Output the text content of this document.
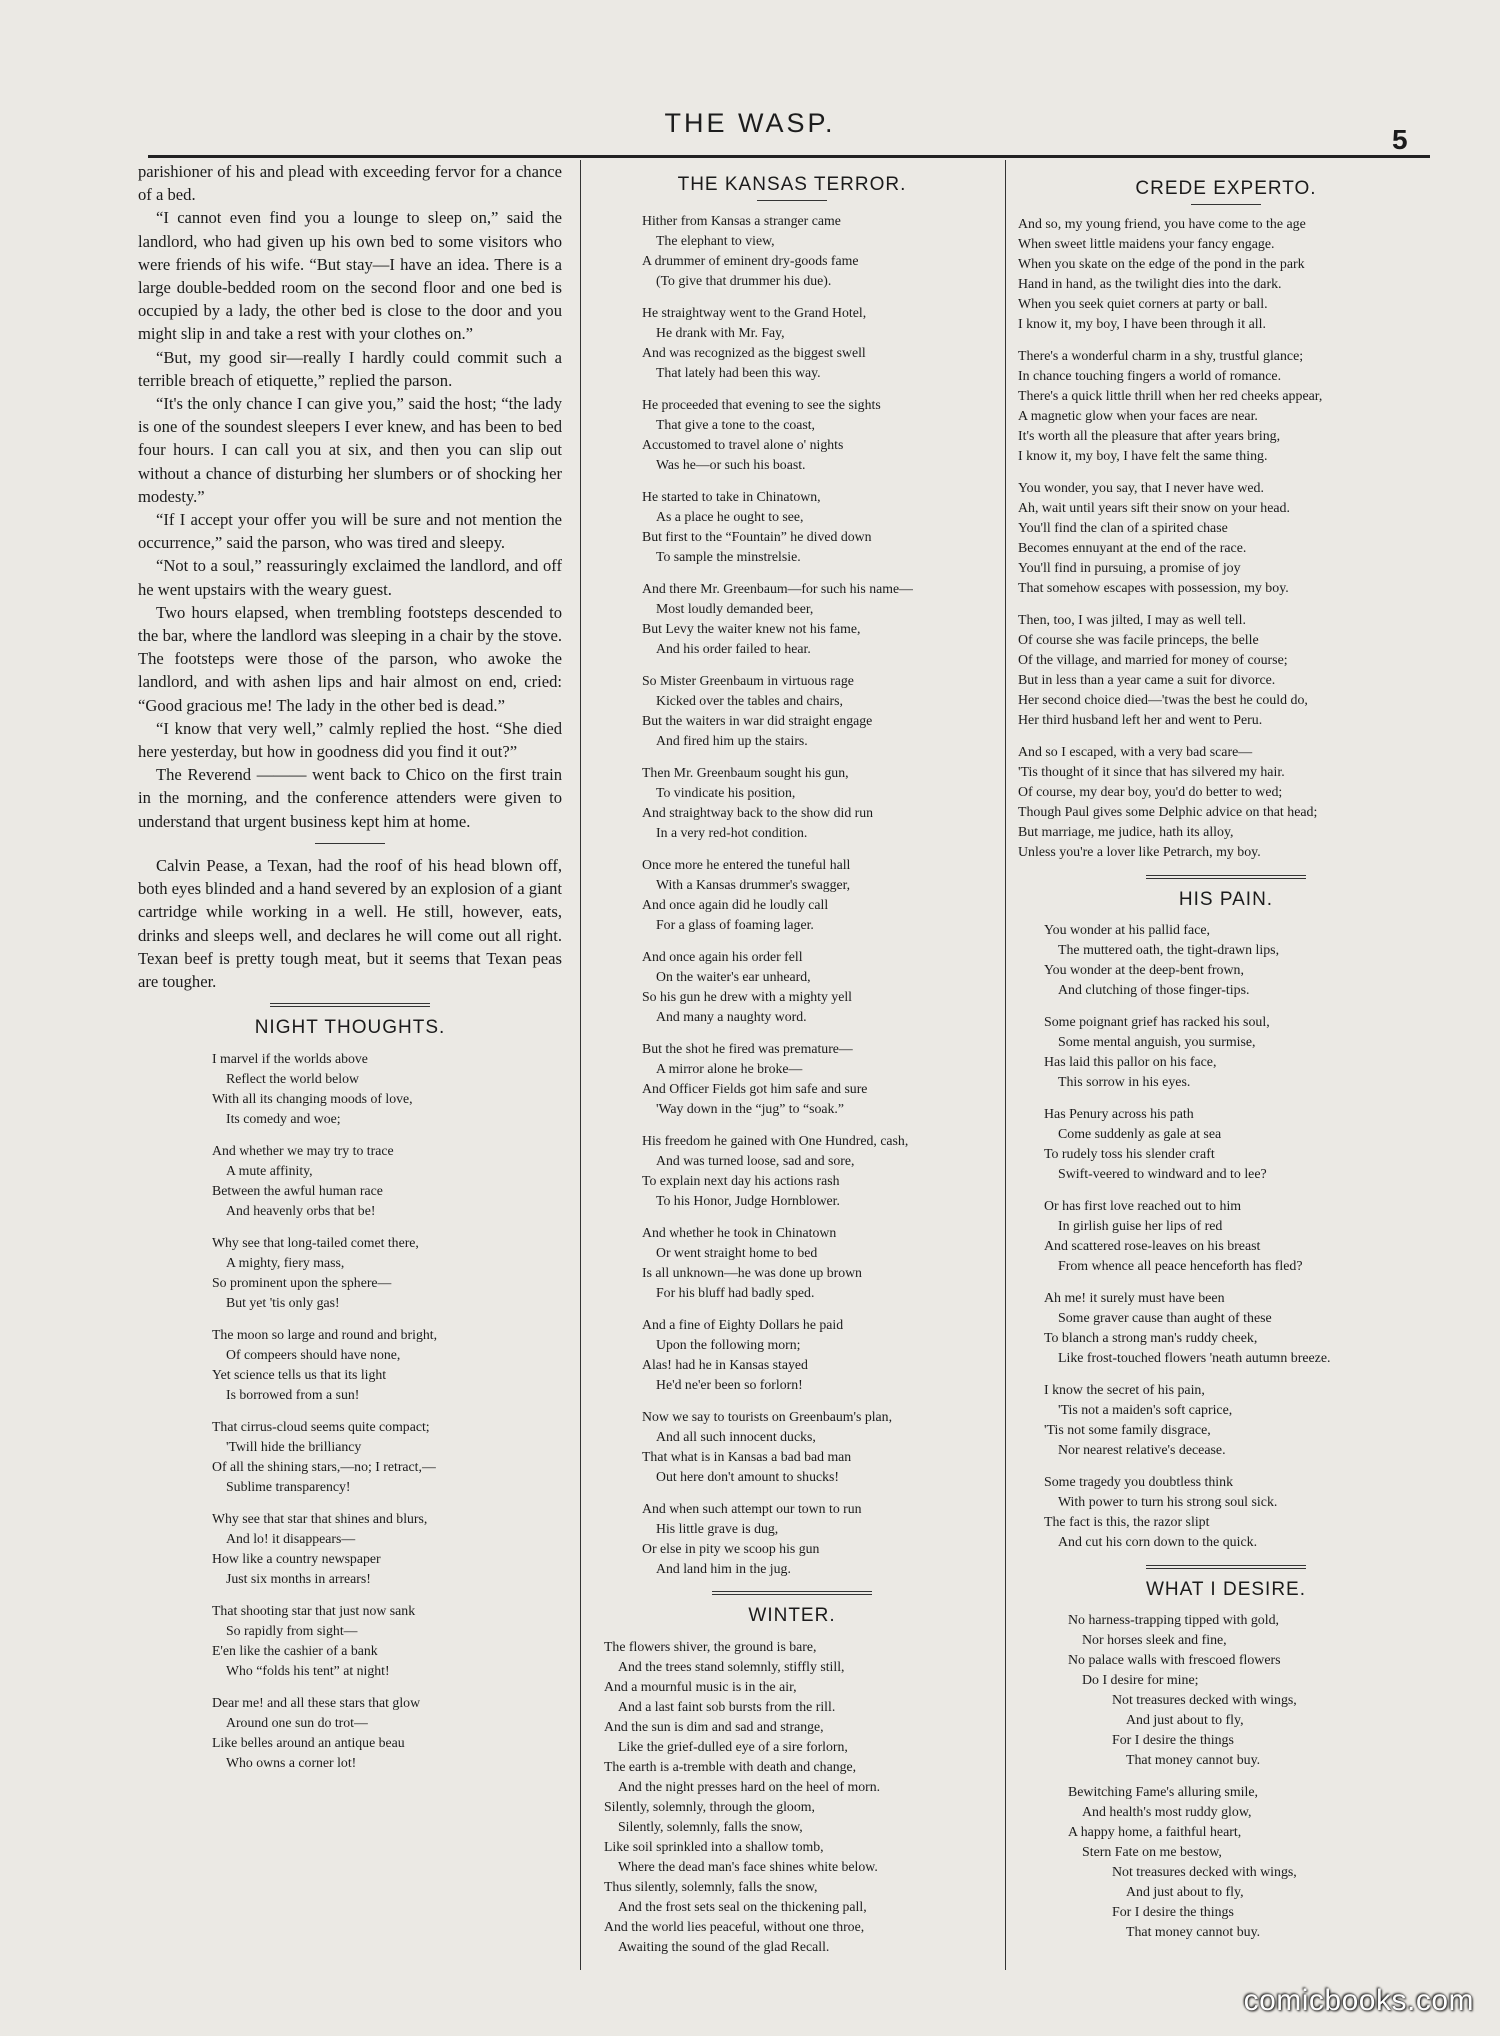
THE WASP.
5

parishioner of his and plead with exceeding fervor for a chance of a bed.

“I cannot even find you a lounge to sleep on,” said the landlord, who had given up his own bed to some visitors who were friends of his wife. “But stay—I have an idea. There is a large double-bedded room on the second floor and one bed is occupied by a lady, the other bed is close to the door and you might slip in and take a rest with your clothes on.”

“But, my good sir—really I hardly could commit such a terrible breach of etiquette,” replied the parson.

“It's the only chance I can give you,” said the host; “the lady is one of the soundest sleepers I ever knew, and has been to bed four hours. I can call you at six, and then you can slip out without a chance of disturbing her slumbers or of shocking her modesty.”

“If I accept your offer you will be sure and not mention the occurrence,” said the parson, who was tired and sleepy.

“Not to a soul,” reassuringly exclaimed the landlord, and off he went upstairs with the weary guest.

Two hours elapsed, when trembling footsteps descended to the bar, where the landlord was sleeping in a chair by the stove. The footsteps were those of the parson, who awoke the landlord, and with ashen lips and hair almost on end, cried: “Good gracious me! The lady in the other bed is dead.”

“I know that very well,” calmly replied the host. “She died here yesterday, but how in goodness did you find it out?”

The Reverend ——— went back to Chico on the first train in the morning, and the conference attenders were given to understand that urgent business kept him at home.

Calvin Pease, a Texan, had the roof of his head blown off, both eyes blinded and a hand severed by an explosion of a giant cartridge while working in a well. He still, however, eats, drinks and sleeps well, and declares he will come out all right. Texan beef is pretty tough meat, but it seems that Texan peas are tougher.

NIGHT THOUGHTS.
I marvel if the worlds above
Reflect the world below
With all its changing moods of love,
Its comedy and woe;
And whether we may try to trace
A mute affinity,
Between the awful human race
And heavenly orbs that be!
Why see that long-tailed comet there,
A mighty, fiery mass,
So prominent upon the sphere—
But yet 'tis only gas!
The moon so large and round and bright,
Of compeers should have none,
Yet science tells us that its light
Is borrowed from a sun!
That cirrus-cloud seems quite compact;
'Twill hide the brilliancy
Of all the shining stars,—no; I retract,—
Sublime transparency!
Why see that star that shines and blurs,
And lo! it disappears—
How like a country newspaper
Just six months in arrears!
That shooting star that just now sank
So rapidly from sight—
E'en like the cashier of a bank
Who “folds his tent” at night!
Dear me! and all these stars that glow
Around one sun do trot—
Like belles around an antique beau
Who owns a corner lot!
THE KANSAS TERROR.
Hither from Kansas a stranger came
The elephant to view,
A drummer of eminent dry-goods fame
(To give that drummer his due).
He straightway went to the Grand Hotel,
He drank with Mr. Fay,
And was recognized as the biggest swell
That lately had been this way.
He proceeded that evening to see the sights
That give a tone to the coast,
Accustomed to travel alone o' nights
Was he—or such his boast.
He started to take in Chinatown,
As a place he ought to see,
But first to the “Fountain” he dived down
To sample the minstrelsie.
And there Mr. Greenbaum—for such his name—
Most loudly demanded beer,
But Levy the waiter knew not his fame,
And his order failed to hear.
So Mister Greenbaum in virtuous rage
Kicked over the tables and chairs,
But the waiters in war did straight engage
And fired him up the stairs.
Then Mr. Greenbaum sought his gun,
To vindicate his position,
And straightway back to the show did run
In a very red-hot condition.
Once more he entered the tuneful hall
With a Kansas drummer's swagger,
And once again did he loudly call
For a glass of foaming lager.
And once again his order fell
On the waiter's ear unheard,
So his gun he drew with a mighty yell
And many a naughty word.
But the shot he fired was premature—
A mirror alone he broke—
And Officer Fields got him safe and sure
'Way down in the “jug” to “soak.”
His freedom he gained with One Hundred, cash,
And was turned loose, sad and sore,
To explain next day his actions rash
To his Honor, Judge Hornblower.
And whether he took in Chinatown
Or went straight home to bed
Is all unknown—he was done up brown
For his bluff had badly sped.
And a fine of Eighty Dollars he paid
Upon the following morn;
Alas! had he in Kansas stayed
He'd ne'er been so forlorn!
Now we say to tourists on Greenbaum's plan,
And all such innocent ducks,
That what is in Kansas a bad bad man
Out here don't amount to shucks!
And when such attempt our town to run
His little grave is dug,
Or else in pity we scoop his gun
And land him in the jug.
WINTER.
The flowers shiver, the ground is bare,
And the trees stand solemnly, stiffly still,
And a mournful music is in the air,
And a last faint sob bursts from the rill.
And the sun is dim and sad and strange,
Like the grief-dulled eye of a sire forlorn,
The earth is a-tremble with death and change,
And the night presses hard on the heel of morn.
Silently, solemnly, through the gloom,
Silently, solemnly, falls the snow,
Like soil sprinkled into a shallow tomb,
Where the dead man's face shines white below.
Thus silently, solemnly, falls the snow,
And the frost sets seal on the thickening pall,
And the world lies peaceful, without one throe,
Awaiting the sound of the glad Recall.
CREDE EXPERTO.
And so, my young friend, you have come to the age
When sweet little maidens your fancy engage.
When you skate on the edge of the pond in the park
Hand in hand, as the twilight dies into the dark.
When you seek quiet corners at party or ball.
I know it, my boy, I have been through it all.
There's a wonderful charm in a shy, trustful glance;
In chance touching fingers a world of romance.
There's a quick little thrill when her red cheeks appear,
A magnetic glow when your faces are near.
It's worth all the pleasure that after years bring,
I know it, my boy, I have felt the same thing.
You wonder, you say, that I never have wed.
Ah, wait until years sift their snow on your head.
You'll find the clan of a spirited chase
Becomes ennuyant at the end of the race.
You'll find in pursuing, a promise of joy
That somehow escapes with possession, my boy.
Then, too, I was jilted, I may as well tell.
Of course she was facile princeps, the belle
Of the village, and married for money of course;
But in less than a year came a suit for divorce.
Her second choice died—'twas the best he could do,
Her third husband left her and went to Peru.
And so I escaped, with a very bad scare—
'Tis thought of it since that has silvered my hair.
Of course, my dear boy, you'd do better to wed;
Though Paul gives some Delphic advice on that head;
But marriage, me judice, hath its alloy,
Unless you're a lover like Petrarch, my boy.
HIS PAIN.
You wonder at his pallid face,
The muttered oath, the tight-drawn lips,
You wonder at the deep-bent frown,
And clutching of those finger-tips.
Some poignant grief has racked his soul,
Some mental anguish, you surmise,
Has laid this pallor on his face,
This sorrow in his eyes.
Has Penury across his path
Come suddenly as gale at sea
To rudely toss his slender craft
Swift-veered to windward and to lee?
Or has first love reached out to him
In girlish guise her lips of red
And scattered rose-leaves on his breast
From whence all peace henceforth has fled?
Ah me! it surely must have been
Some graver cause than aught of these
To blanch a strong man's ruddy cheek,
Like frost-touched flowers 'neath autumn breeze.
I know the secret of his pain,
'Tis not a maiden's soft caprice,
'Tis not some family disgrace,
Nor nearest relative's decease.
Some tragedy you doubtless think
With power to turn his strong soul sick.
The fact is this, the razor slipt
And cut his corn down to the quick.
WHAT I DESIRE.
No harness-trapping tipped with gold,
Nor horses sleek and fine,
No palace walls with frescoed flowers
Do I desire for mine;
Not treasures decked with wings,
And just about to fly,
For I desire the things
That money cannot buy.
Bewitching Fame's alluring smile,
And health's most ruddy glow,
A happy home, a faithful heart,
Stern Fate on me bestow,
Not treasures decked with wings,
And just about to fly,
For I desire the things
That money cannot buy.
comicbooks.com
